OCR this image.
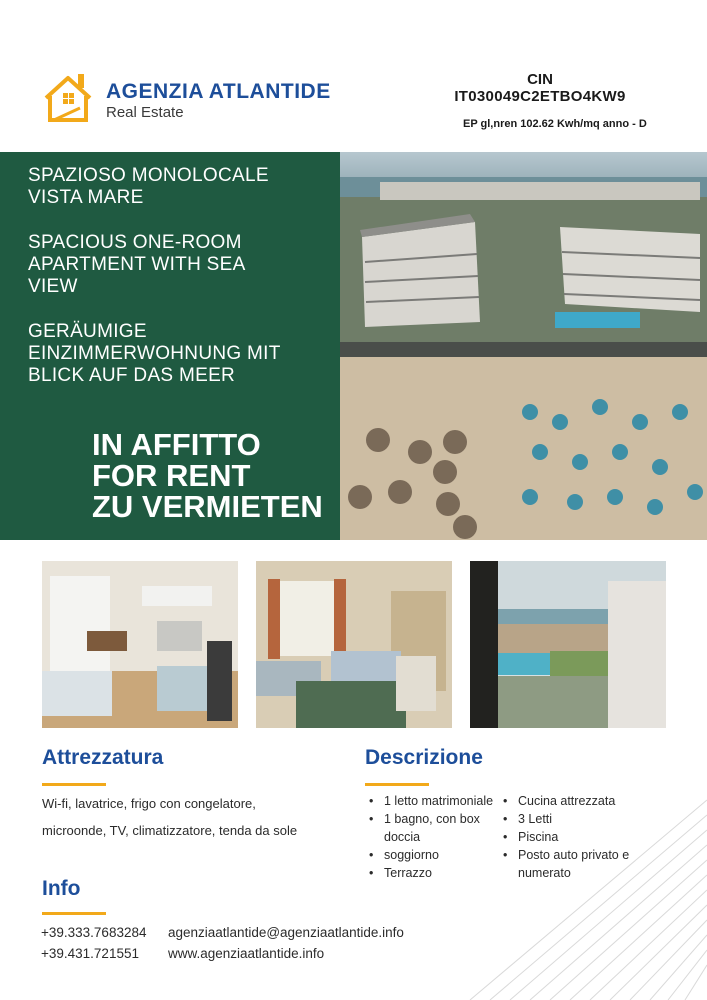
AGENZIA ATLANTIDE
Real Estate
CIN
IT030049C2ETBO4KW9
EP gl,nren 102.62 Kwh/mq anno - D
SPAZIOSO MONOLOCALE
VISTA MARE
SPACIOUS ONE-ROOM
APARTMENT WITH SEA
VIEW
GERÄUMIGE
EINZIMMERWOHNUNG MIT
BLICK AUF DAS MEER
IN AFFITTO
FOR RENT
ZU VERMIETEN
Attrezzatura
Wi-fi, lavatrice, frigo con congelatore,
microonde, TV, climatizzatore, tenda da sole
Descrizione
• 1 letto matrimoniale
• 1 bagno, con box doccia
• soggiorno
• Terrazzo
• Cucina attrezzata
• 3 Letti
• Piscina
• Posto auto privato e numerato
Info
+39.333.7683284 agenziaatlantide@agenziaatlantide.info
+39.431.721551 www.agenziaatlantide.info
